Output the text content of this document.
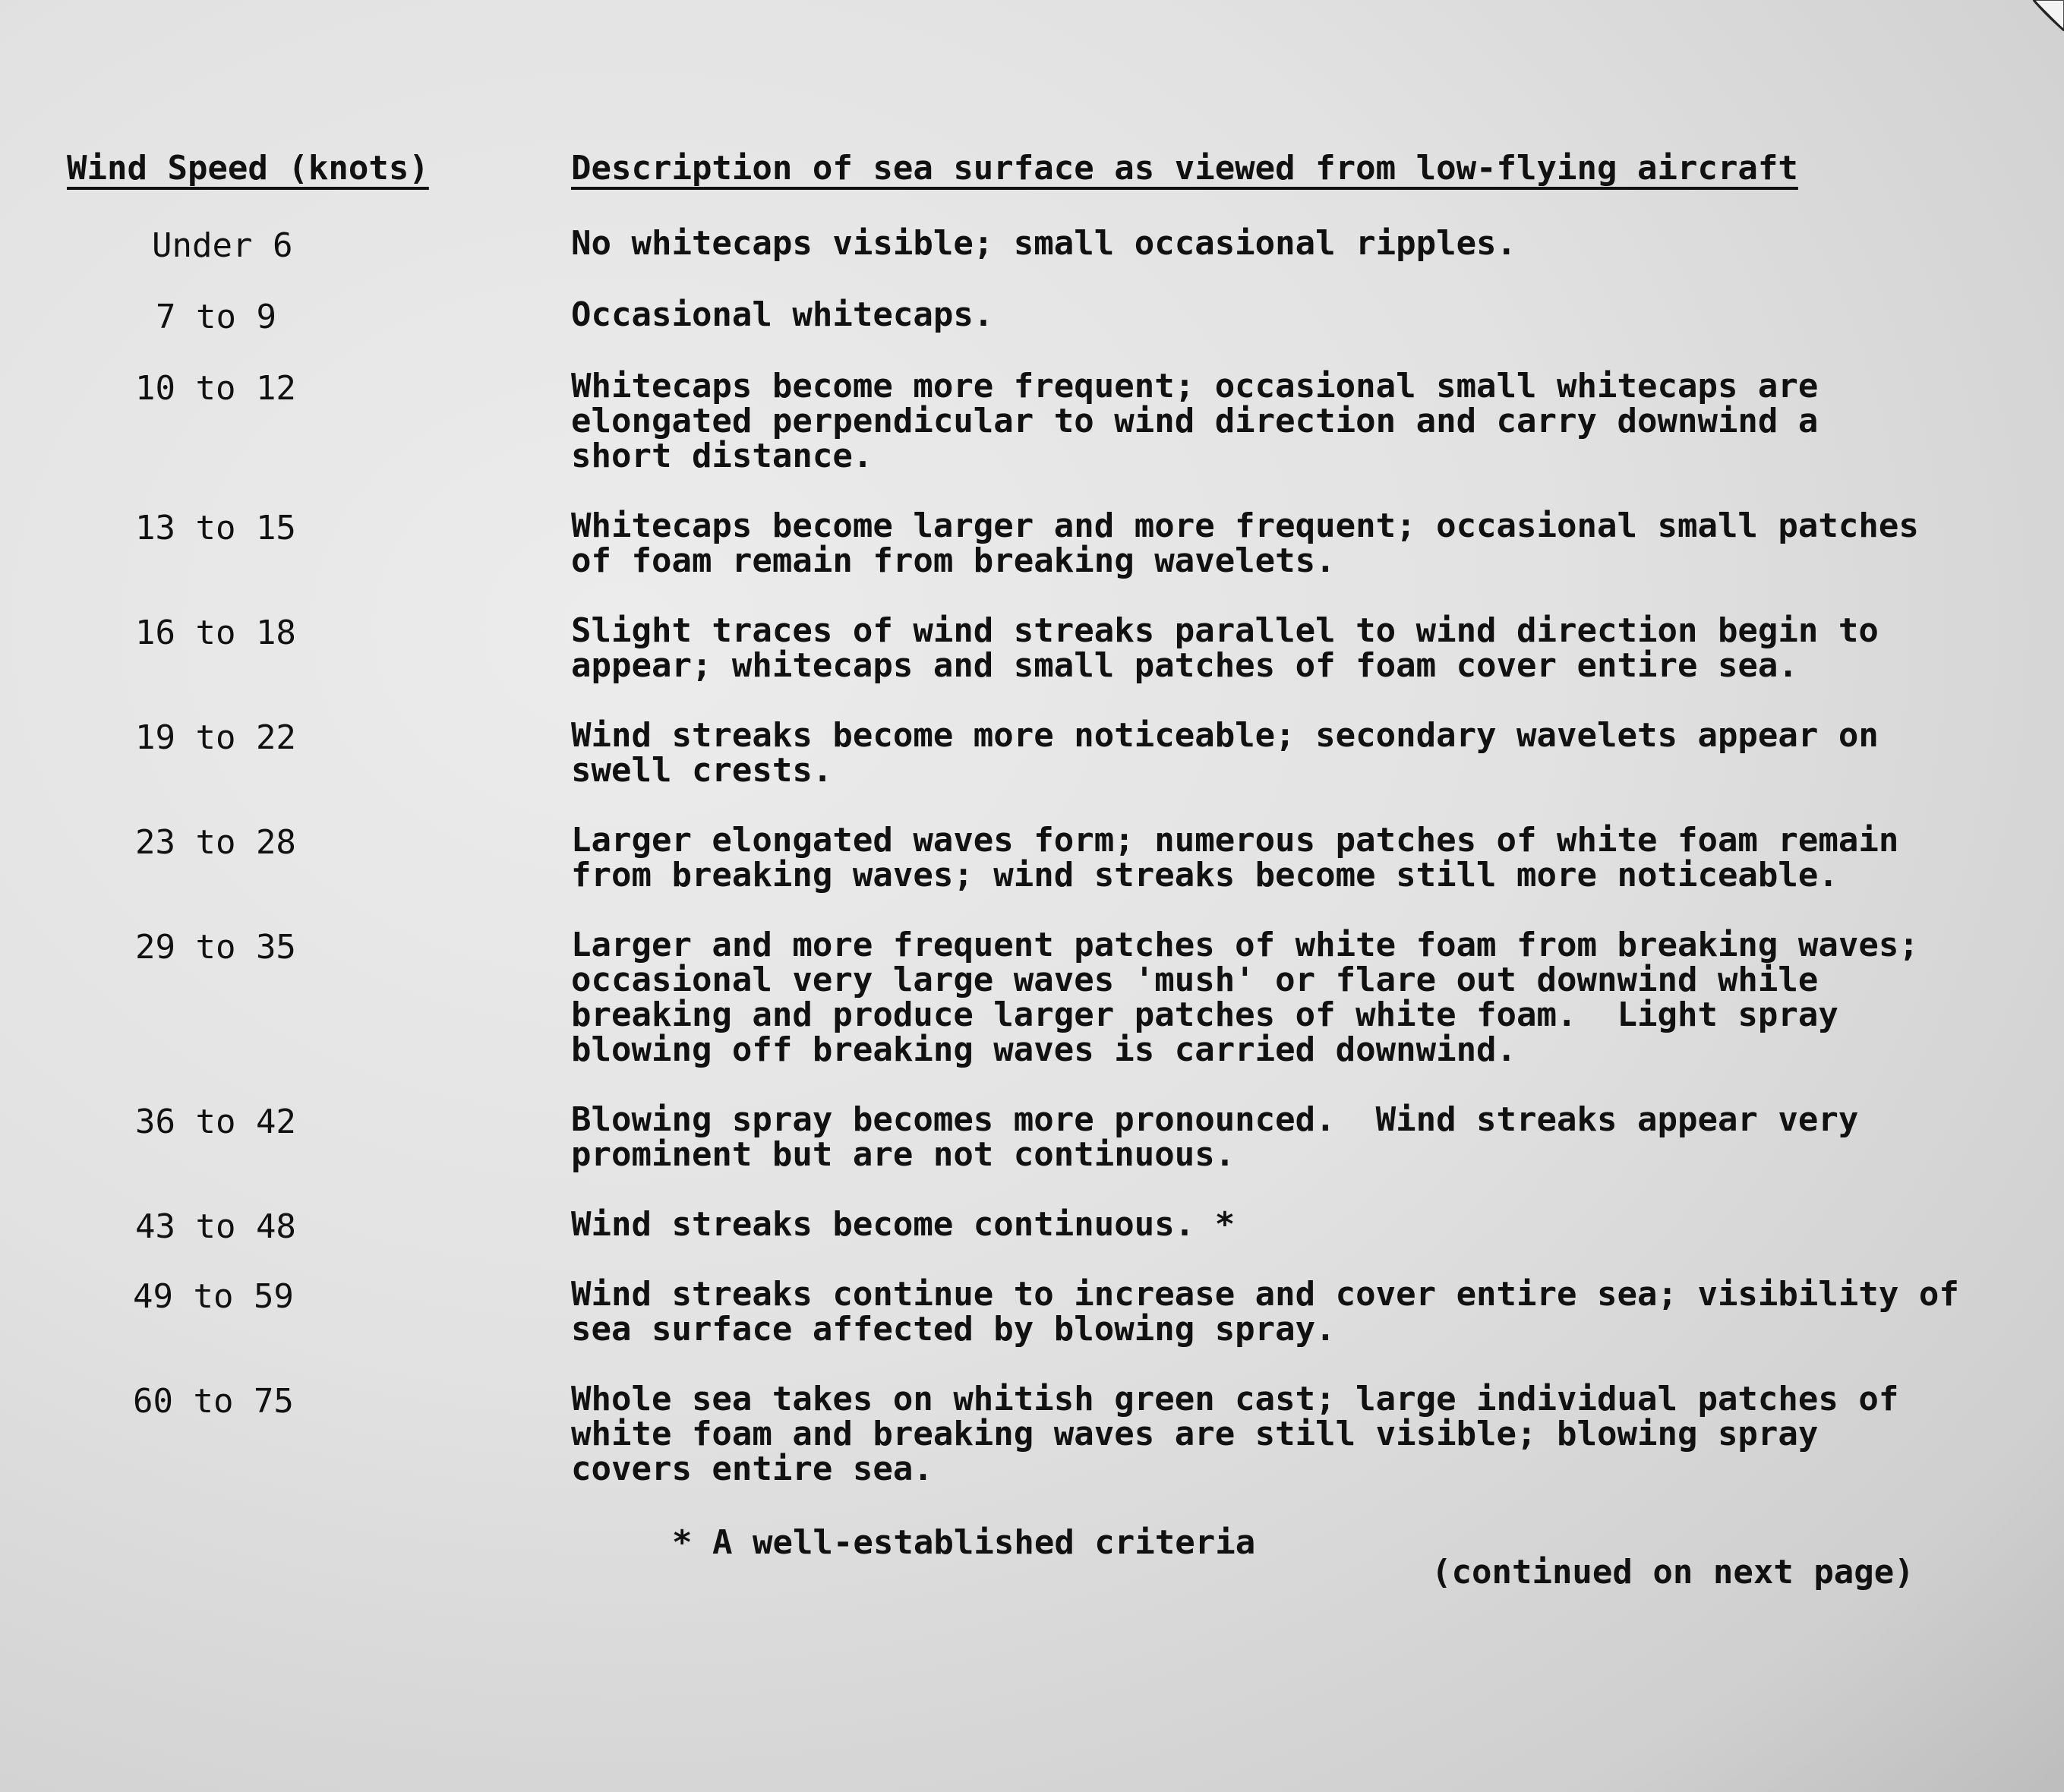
Wind Speed (knots)	Description of sea surface as viewed from low-flying aircraft
Under 6	No whitecaps visible; small occasional ripples.
7 to 9	Occasional whitecaps.
10 to 12	Whitecaps become more frequent; occasional small whitecaps are
elongated perpendicular to wind direction and carry downwind a
short distance.
13 to 15	Whitecaps become larger and more frequent; occasional small patches
of foam remain from breaking wavelets.
16 to 18	Slight traces of wind streaks parallel to wind direction begin to
appear; whitecaps and small patches of foam cover entire sea.
19 to 22	Wind streaks become more noticeable; secondary wavelets appear on
swell crests.
23 to 28	Larger elongated waves form; numerous patches of white foam remain
from breaking waves; wind streaks become still more noticeable.
29 to 35	Larger and more frequent patches of white foam from breaking waves;
occasional very large waves 'mush' or flare out downwind while
breaking and produce larger patches of white foam.  Light spray
blowing off breaking waves is carried downwind.
36 to 42	Blowing spray becomes more pronounced.  Wind streaks appear very
prominent but are not continuous.
43 to 48	Wind streaks become continuous. *
49 to 59	Wind streaks continue to increase and cover entire sea; visibility of
sea surface affected by blowing spray.
60 to 75	Whole sea takes on whitish green cast; large individual patches of
white foam and breaking waves are still visible; blowing spray
covers entire sea.
* A well-established criteria
(continued on next page)
